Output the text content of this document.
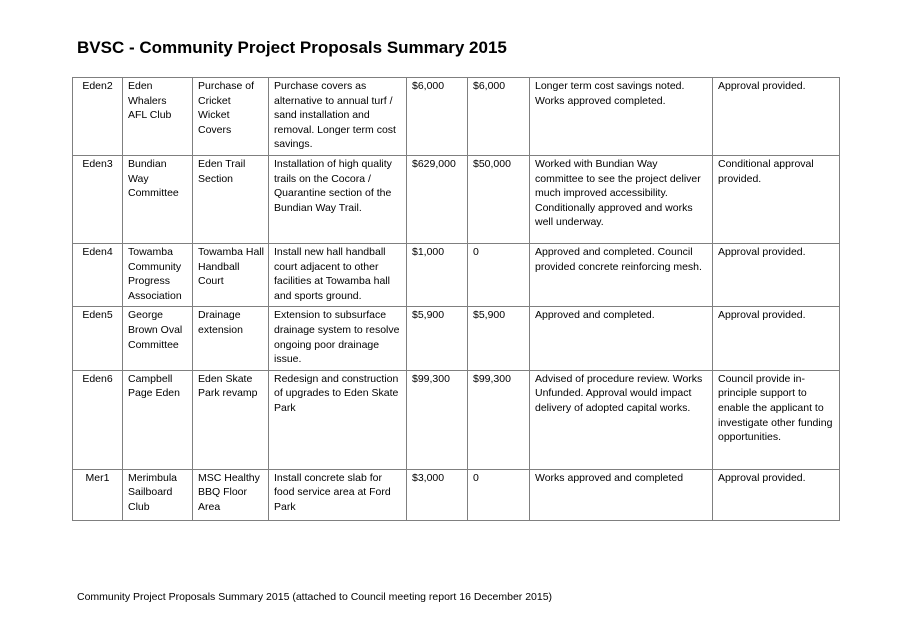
BVSC - Community Project Proposals Summary 2015
Eden2	Eden Whalers AFL Club	Purchase of Cricket Wicket Covers	Purchase covers as alternative to annual turf / sand installation and removal. Longer term cost savings.	$6,000	$6,000	Longer term cost savings noted. Works approved completed.	Approval provided.
Eden3	Bundian Way Committee	Eden Trail Section	Installation of high quality trails on the Cocora / Quarantine section of the Bundian Way Trail.	$629,000	$50,000	Worked with Bundian Way committee to see the project deliver much improved accessibility. Conditionally approved and works well underway.	Conditional approval provided.
Eden4	Towamba Community Progress Association	Towamba Hall Handball Court	Install new hall handball court adjacent to other facilities at Towamba hall and sports ground.	$1,000	0	Approved and completed. Council provided concrete reinforcing mesh.	Approval provided.
Eden5	George Brown Oval Committee	Drainage extension	Extension to subsurface drainage system to resolve ongoing poor drainage issue.	$5,900	$5,900	Approved and completed.	Approval provided.
Eden6	Campbell Page Eden	Eden Skate Park revamp	Redesign and construction of upgrades to Eden Skate Park	$99,300	$99,300	Advised of procedure review. Works Unfunded. Approval would impact delivery of adopted capital works.	Council provide in-principle support to enable the applicant to investigate other funding opportunities.
Mer1	Merimbula Sailboard Club	MSC Healthy BBQ Floor Area	Install concrete slab for food service area at Ford Park	$3,000	0	Works approved and completed	Approval provided.
Community Project Proposals Summary 2015 (attached to Council meeting report 16 December 2015)
